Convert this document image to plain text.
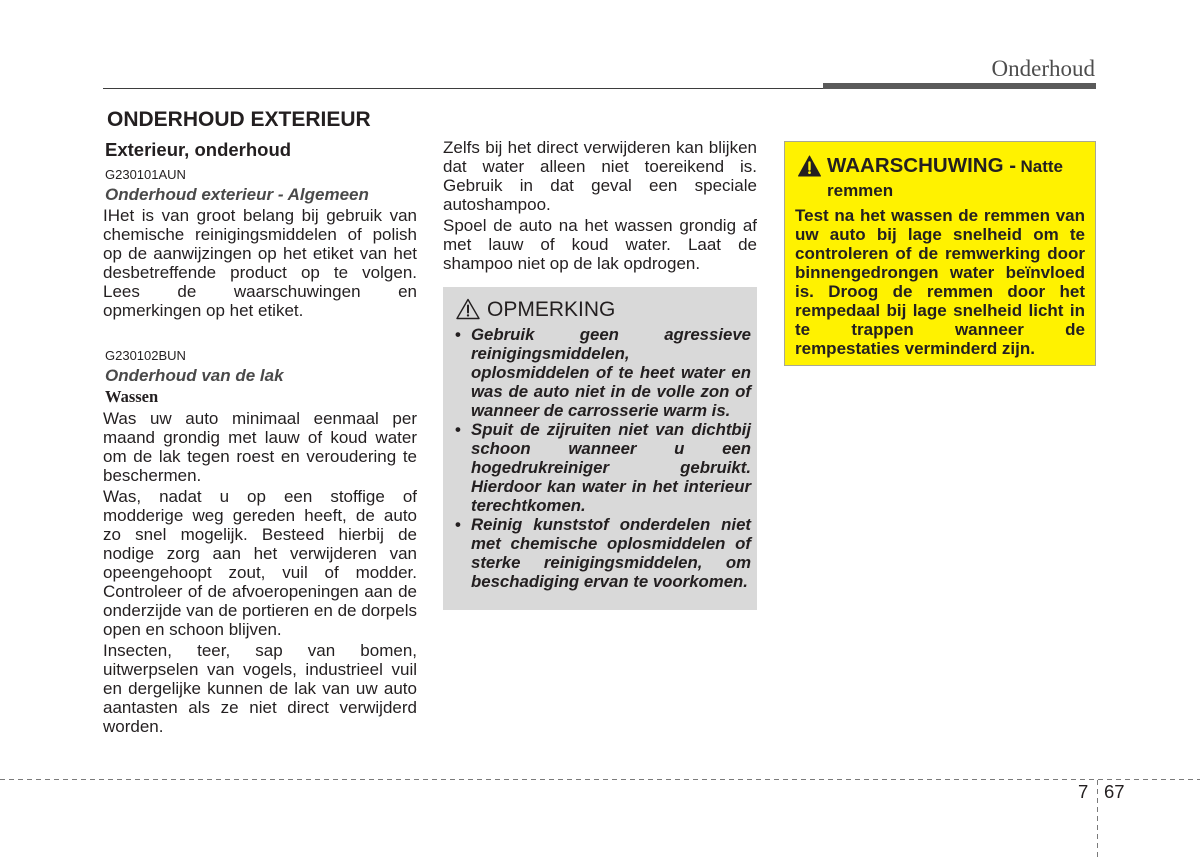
Onderhoud
ONDERHOUD EXTERIEUR
Exterieur, onderhoud
G230101AUN
Onderhoud exterieur - Algemeen

IHet is van groot belang bij gebruik van chemische reinigingsmiddelen of polish op de aanwijzingen op het etiket van het desbetreffende product op te volgen. Lees de waarschuwingen en opmerkingen op het etiket.

G230102BUN
Onderhoud van de lak
Wassen

Was uw auto minimaal eenmaal per maand grondig met lauw of koud water om de lak tegen roest en veroudering te beschermen.

Was, nadat u op een stoffige of modderige weg gereden heeft, de auto zo snel mogelijk. Besteed hierbij de nodige zorg aan het verwijderen van opeengehoopt zout, vuil of modder. Controleer of de afvoeropeningen aan de onderzijde van de portieren en de dorpels open en schoon blijven.

Insecten, teer, sap van bomen, uitwerpselen van vogels, industrieel vuil en dergelijke kunnen de lak van uw auto aantasten als ze niet direct verwijderd worden.

Zelfs bij het direct verwijderen kan blijken dat water alleen niet toereikend is. Gebruik in dat geval een speciale autoshampoo.

Spoel de auto na het wassen grondig af met lauw of koud water. Laat de shampoo niet op de lak opdrogen.

OPMERKING
• Gebruik geen agressieve reinigingsmiddelen, oplosmiddelen of te heet water en was de auto niet in de volle zon of wanneer de carrosserie warm is.
• Spuit de zijruiten niet van dichtbij schoon wanneer u een hogedrukreiniger gebruikt. Hierdoor kan water in het interieur terechtkomen.
• Reinig kunststof onderdelen niet met chemische oplosmiddelen of sterke reinigingsmiddelen, om beschadiging ervan te voorkomen.
WAARSCHUWING - Natte remmen

Test na het wassen de remmen van uw auto bij lage snelheid om te controleren of de remwerking door binnengedrongen water beïnvloed is. Droog de remmen door het rempedaal bij lage snelheid licht in te trappen wanneer de rempestaties verminderd zijn.

7 67
